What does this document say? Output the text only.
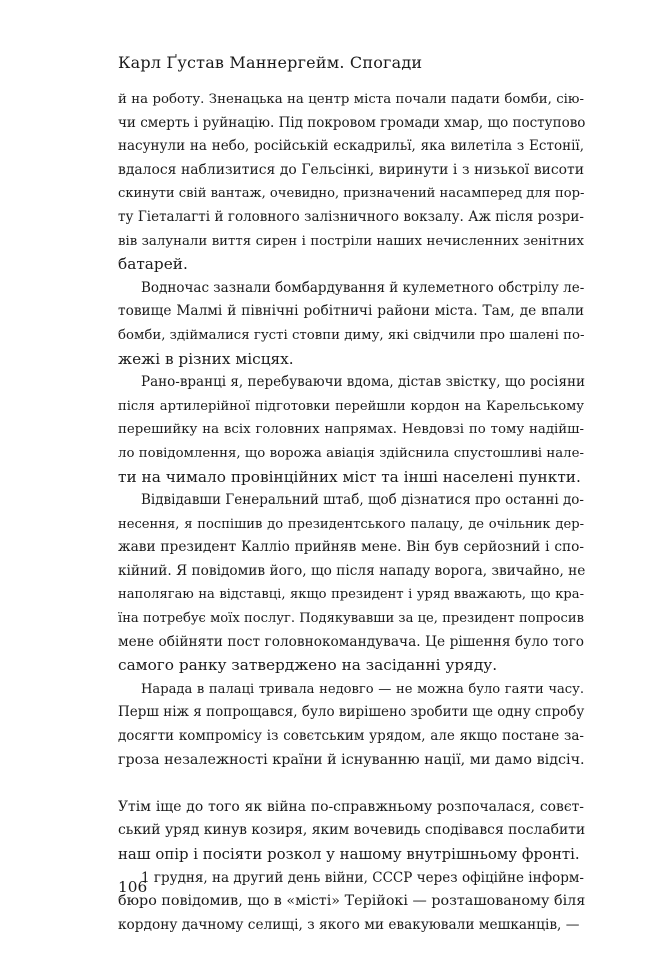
Карл Ґустав Маннергейм. Спогади
й на роботу. Зненацька на центр міста почали падати бомби, сію-
чи смерть і руйнацію. Під покровом громади хмар, що поступово
насунули на небо, російській ескадрильї, яка вилетіла з Естонії,
вдалося наблизитися до Гельсінкі, виринути і з низької висоти
скинути свій вантаж, очевидно, призначений насамперед для пор-
ту Гіеталагті й головного залізничного вокзалу. Аж після розри-
вів залунали виття сирен і постріли наших нечисленних зенітних
батарей.
Водночас зазнали бомбардування й кулеметного обстрілу ле-
товище Малмі й північні робітничі райони міста. Там, де впали
бомби, здіймалися густі стовпи диму, які свідчили про шалені по-
жежі в різних місцях.
Рано-вранці я, перебуваючи вдома, дістав звістку, що росіяни
після артилерійної підготовки перейшли кордон на Карельському
перешийку на всіх головних напрямах. Невдовзі по тому надійш-
ло повідомлення, що ворожа авіація здійснила спустошливі нале-
ти на чимало провінційних міст та інші населені пункти.
Відвідавши Генеральний штаб, щоб дізнатися про останні до-
несення, я поспішив до президентського палацу, де очільник дер-
жави президент Калліо прийняв мене. Він був серйозний і спо-
кійний. Я повідомив його, що після нападу ворога, звичайно, не
наполягаю на відставці, якщо президент і уряд вважають, що кра-
їна потребує моїх послуг. Подякувавши за це, президент попросив
мене обійняти пост головнокомандувача. Це рішення було того
самого ранку затверджено на засіданні уряду.
Нарада в палаці тривала недовго — не можна було гаяти часу.
Перш ніж я попрощався, було вирішено зробити ще одну спробу
досягти компромісу із совєтським урядом, але якщо постане за-
гроза незалежності країни й існуванню нації, ми дамо відсіч.
Утім іще до того як війна по-справжньому розпочалася, совєт-
ський уряд кинув козиря, яким вочевидь сподівався послабити
наш опір і посіяти розкол у нашому внутрішньому фронті.
1 грудня, на другий день війни, СССР через офіційне інформ-
бюро повідомив, що в «місті» Терійокі — розташованому біля
кордону дачному селищі, з якого ми евакуювали мешканців, —
106
